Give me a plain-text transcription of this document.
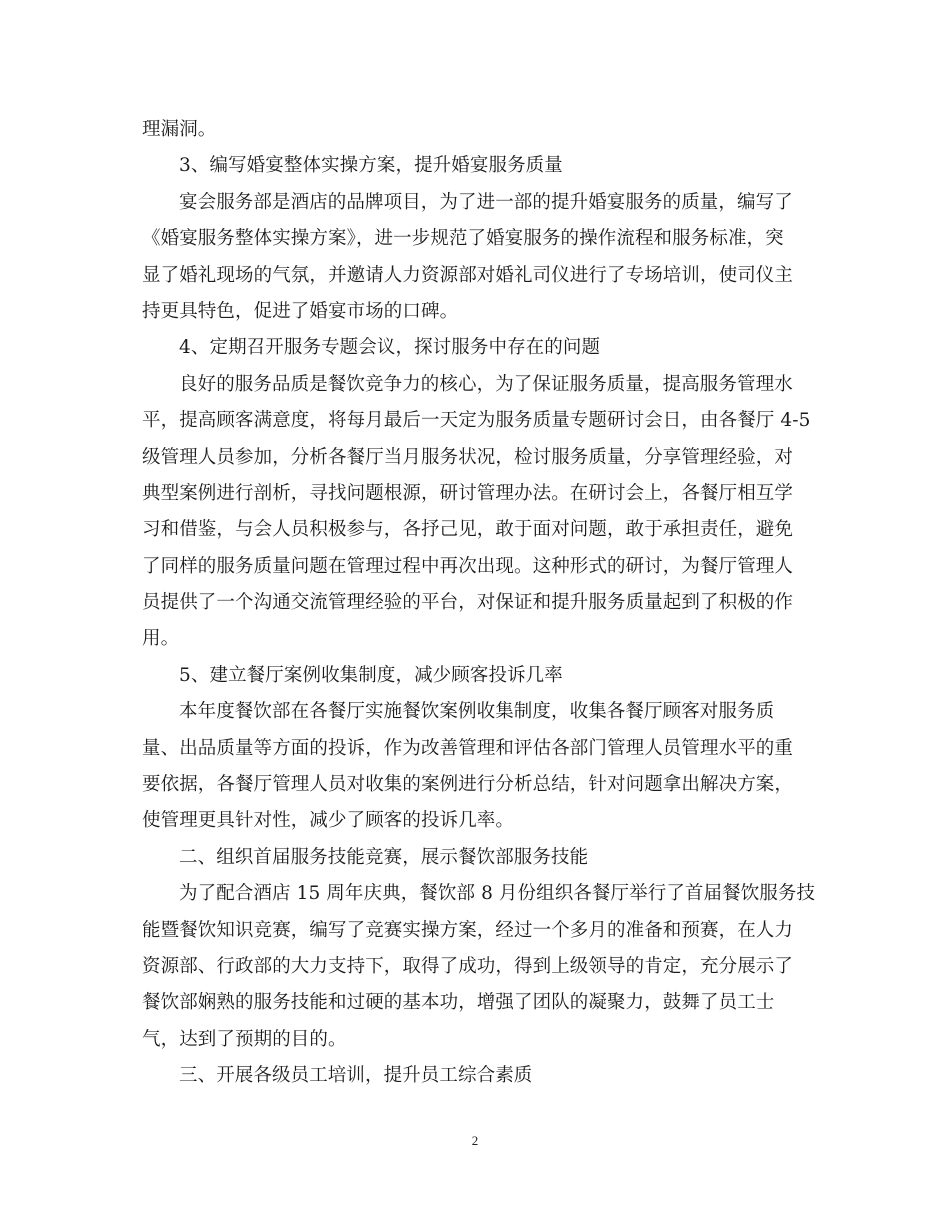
理漏洞。
3、编写婚宴整体实操方案，提升婚宴服务质量
宴会服务部是酒店的品牌项目，为了进一部的提升婚宴服务的质量，编写了
《婚宴服务整体实操方案》，进一步规范了婚宴服务的操作流程和服务标准，突
显了婚礼现场的气氛，并邀请人力资源部对婚礼司仪进行了专场培训，使司仪主
持更具特色，促进了婚宴市场的口碑。
4、定期召开服务专题会议，探讨服务中存在的问题
良好的服务品质是餐饮竞争力的核心，为了保证服务质量，提高服务管理水
平，提高顾客满意度，将每月最后一天定为服务质量专题研讨会日，由各餐厅 4-5
级管理人员参加，分析各餐厅当月服务状况，检讨服务质量，分享管理经验，对
典型案例进行剖析，寻找问题根源，研讨管理办法。在研讨会上，各餐厅相互学
习和借鉴，与会人员积极参与，各抒己见，敢于面对问题，敢于承担责任，避免
了同样的服务质量问题在管理过程中再次出现。这种形式的研讨，为餐厅管理人
员提供了一个沟通交流管理经验的平台，对保证和提升服务质量起到了积极的作
用。
5、建立餐厅案例收集制度，减少顾客投诉几率
本年度餐饮部在各餐厅实施餐饮案例收集制度，收集各餐厅顾客对服务质
量、出品质量等方面的投诉，作为改善管理和评估各部门管理人员管理水平的重
要依据，各餐厅管理人员对收集的案例进行分析总结，针对问题拿出解决方案，
使管理更具针对性，减少了顾客的投诉几率。
二、组织首届服务技能竞赛，展示餐饮部服务技能
为了配合酒店 15 周年庆典，餐饮部 8 月份组织各餐厅举行了首届餐饮服务技
能暨餐饮知识竞赛，编写了竞赛实操方案，经过一个多月的准备和预赛，在人力
资源部、行政部的大力支持下，取得了成功，得到上级领导的肯定，充分展示了
餐饮部娴熟的服务技能和过硬的基本功，增强了团队的凝聚力，鼓舞了员工士
气，达到了预期的目的。
三、开展各级员工培训，提升员工综合素质
2
